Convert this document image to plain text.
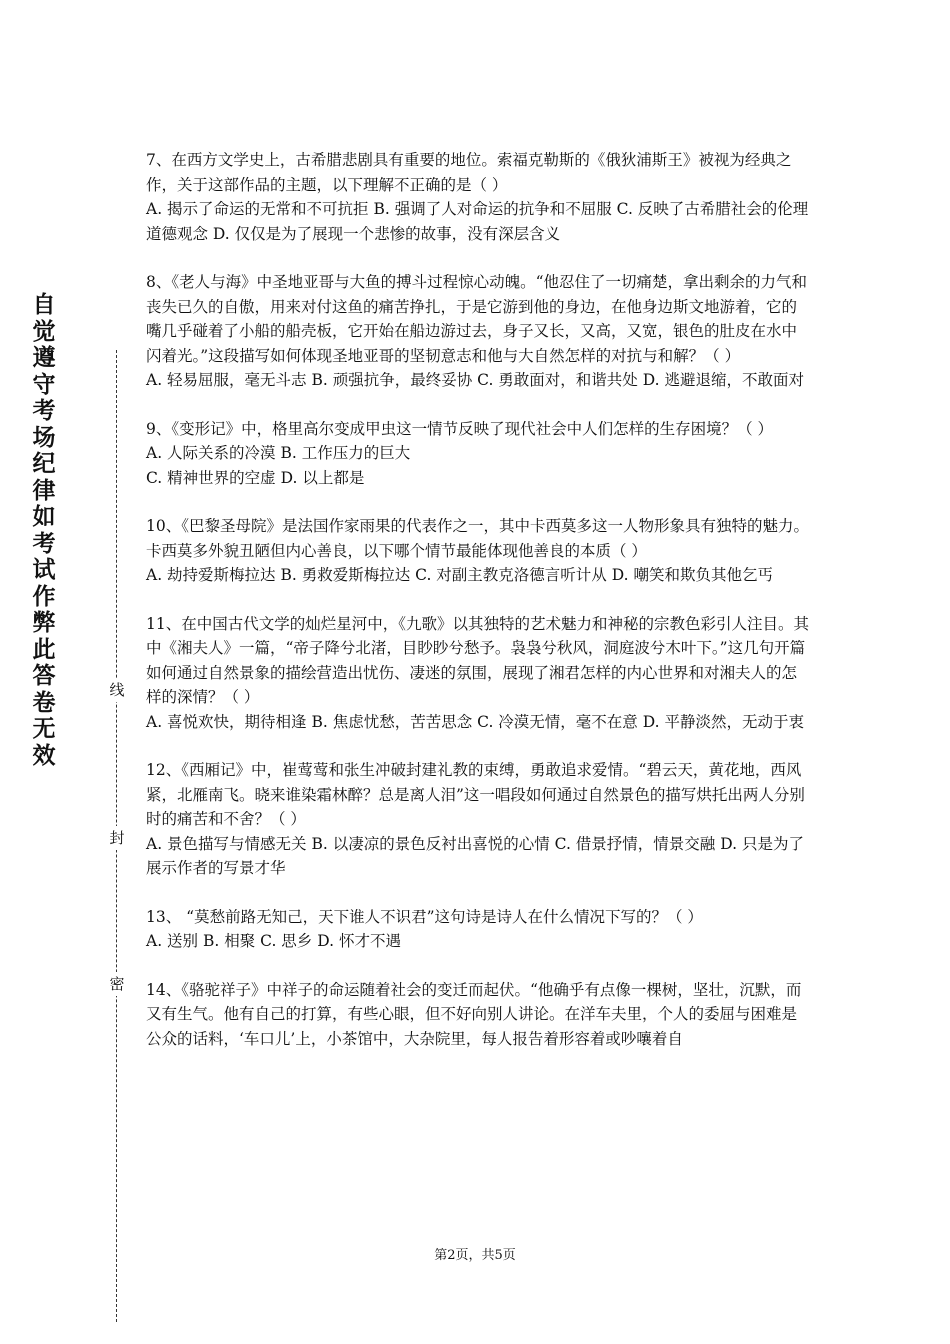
自觉遵守考场纪律如考试作弊此答卷无效
线
封
密

7、在西方文学史上，古希腊悲剧具有重要的地位。索福克勒斯的《俄狄浦斯王》被视为经典之作，关于这部作品的主题，以下理解不正确的是（ ）

A. 揭示了命运的无常和不可抗拒 B. 强调了人对命运的抗争和不屈服 C. 反映了古希腊社会的伦理道德观念 D. 仅仅是为了展现一个悲惨的故事，没有深层含义

8、《老人与海》中圣地亚哥与大鱼的搏斗过程惊心动魄。“他忍住了一切痛楚，拿出剩余的力气和丧失已久的自傲，用来对付这鱼的痛苦挣扎，于是它游到他的身边，在他身边斯文地游着，它的嘴几乎碰着了小船的船壳板，它开始在船边游过去，身子又长，又高，又宽，银色的肚皮在水中闪着光。”这段描写如何体现圣地亚哥的坚韧意志和他与大自然怎样的对抗与和解？（ ）

A. 轻易屈服，毫无斗志 B. 顽强抗争，最终妥协 C. 勇敢面对，和谐共处 D. 逃避退缩，不敢面对

9、《变形记》中，格里高尔变成甲虫这一情节反映了现代社会中人们怎样的生存困境？（ ）

A. 人际关系的冷漠 B. 工作压力的巨大

C. 精神世界的空虚 D. 以上都是

10、《巴黎圣母院》是法国作家雨果的代表作之一，其中卡西莫多这一人物形象具有独特的魅力。卡西莫多外貌丑陋但内心善良，以下哪个情节最能体现他善良的本质（ ）

A. 劫持爱斯梅拉达 B. 勇救爱斯梅拉达 C. 对副主教克洛德言听计从 D. 嘲笑和欺负其他乞丐

11、在中国古代文学的灿烂星河中，《九歌》以其独特的艺术魅力和神秘的宗教色彩引人注目。其中《湘夫人》一篇，“帝子降兮北渚，目眇眇兮愁予。袅袅兮秋风，洞庭波兮木叶下。”这几句开篇如何通过自然景象的描绘营造出忧伤、凄迷的氛围，展现了湘君怎样的内心世界和对湘夫人的怎样的深情？（ ）

A. 喜悦欢快，期待相逢 B. 焦虑忧愁，苦苦思念 C. 冷漠无情，毫不在意 D. 平静淡然，无动于衷

12、《西厢记》中，崔莺莺和张生冲破封建礼教的束缚，勇敢追求爱情。“碧云天，黄花地，西风紧，北雁南飞。晓来谁染霜林醉？总是离人泪”这一唱段如何通过自然景色的描写烘托出两人分别时的痛苦和不舍？（ ）

A. 景色描写与情感无关 B. 以凄凉的景色反衬出喜悦的心情 C. 借景抒情，情景交融 D. 只是为了展示作者的写景才华

13、 “莫愁前路无知己，天下谁人不识君”这句诗是诗人在什么情况下写的？（ ）

A. 送别 B. 相聚 C. 思乡 D. 怀才不遇

14、《骆驼祥子》中祥子的命运随着社会的变迁而起伏。“他确乎有点像一棵树，坚壮，沉默，而又有生气。他有自己的打算，有些心眼，但不好向别人讲论。在洋车夫里，个人的委屈与困难是公众的话料，‘车口儿’上，小茶馆中，大杂院里，每人报告着形容着或吵嚷着自

第2页，共5页
